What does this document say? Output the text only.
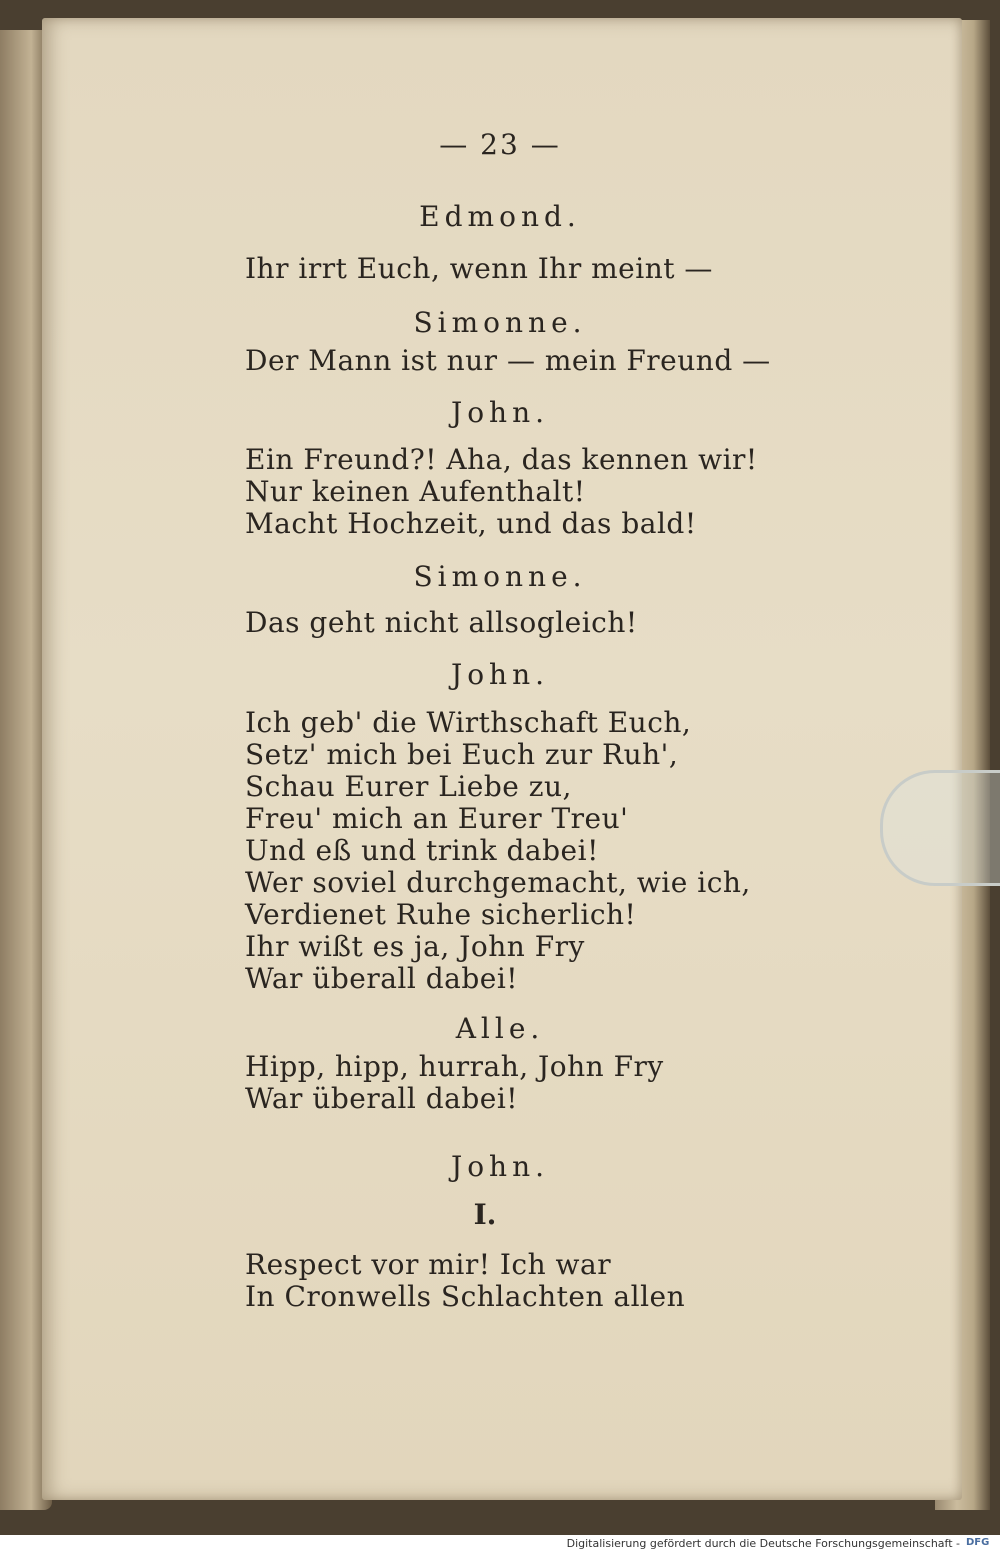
— 23 —
Edmond.
Ihr irrt Euch, wenn Ihr meint —
Simonne.
Der Mann ist nur — mein Freund —
John.
Ein Freund?! Aha, das kennen wir!
Nur keinen Aufenthalt!
Macht Hochzeit, und das bald!
Simonne.
Das geht nicht allsogleich!
John.
Ich geb' die Wirthschaft Euch,
Setz' mich bei Euch zur Ruh',
Schau Eurer Liebe zu,
Freu' mich an Eurer Treu'
Und eß und trink dabei!
Wer soviel durchgemacht, wie ich,
Verdienet Ruhe sicherlich!
Ihr wißt es ja, John Fry
War überall dabei!
Alle.
Hipp, hipp, hurrah, John Fry
War überall dabei!
John.
I.
Respect vor mir! Ich war
In Cronwells Schlachten allen
Digitalisierung gefördert durch die Deutsche Forschungsgemeinschaft - DFG
